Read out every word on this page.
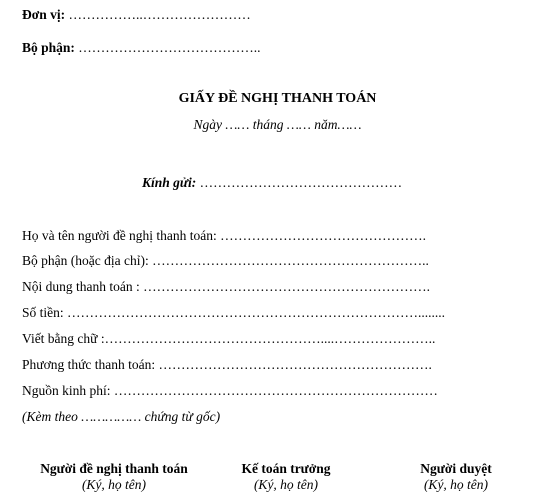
Đơn vị: ……………..……………………
Bộ phận: …………………………………..
GIẤY ĐỀ NGHỊ THANH TOÁN
Ngày …… tháng …… năm……
Kính gửi: ………………………………………
Họ và tên người đề nghị thanh toán: ……………………………………….
Bộ phận (hoặc địa chỉ): ……………………………………………………..
Nội dung thanh toán : ……………………………………………………….
Số tiền: ……………………………………………………………………........
Viết bằng chữ :…………………………………………....…………………..
Phương thức thanh toán: …………………………………………………….
Nguồn kinh phí: ………………………………………………………………
(Kèm theo …………… chứng từ gốc)
Người đề nghị thanh toán
(Ký, họ tên)
Kế toán trưởng
(Ký, họ tên)
Người duyệt
(Ký, họ tên)
